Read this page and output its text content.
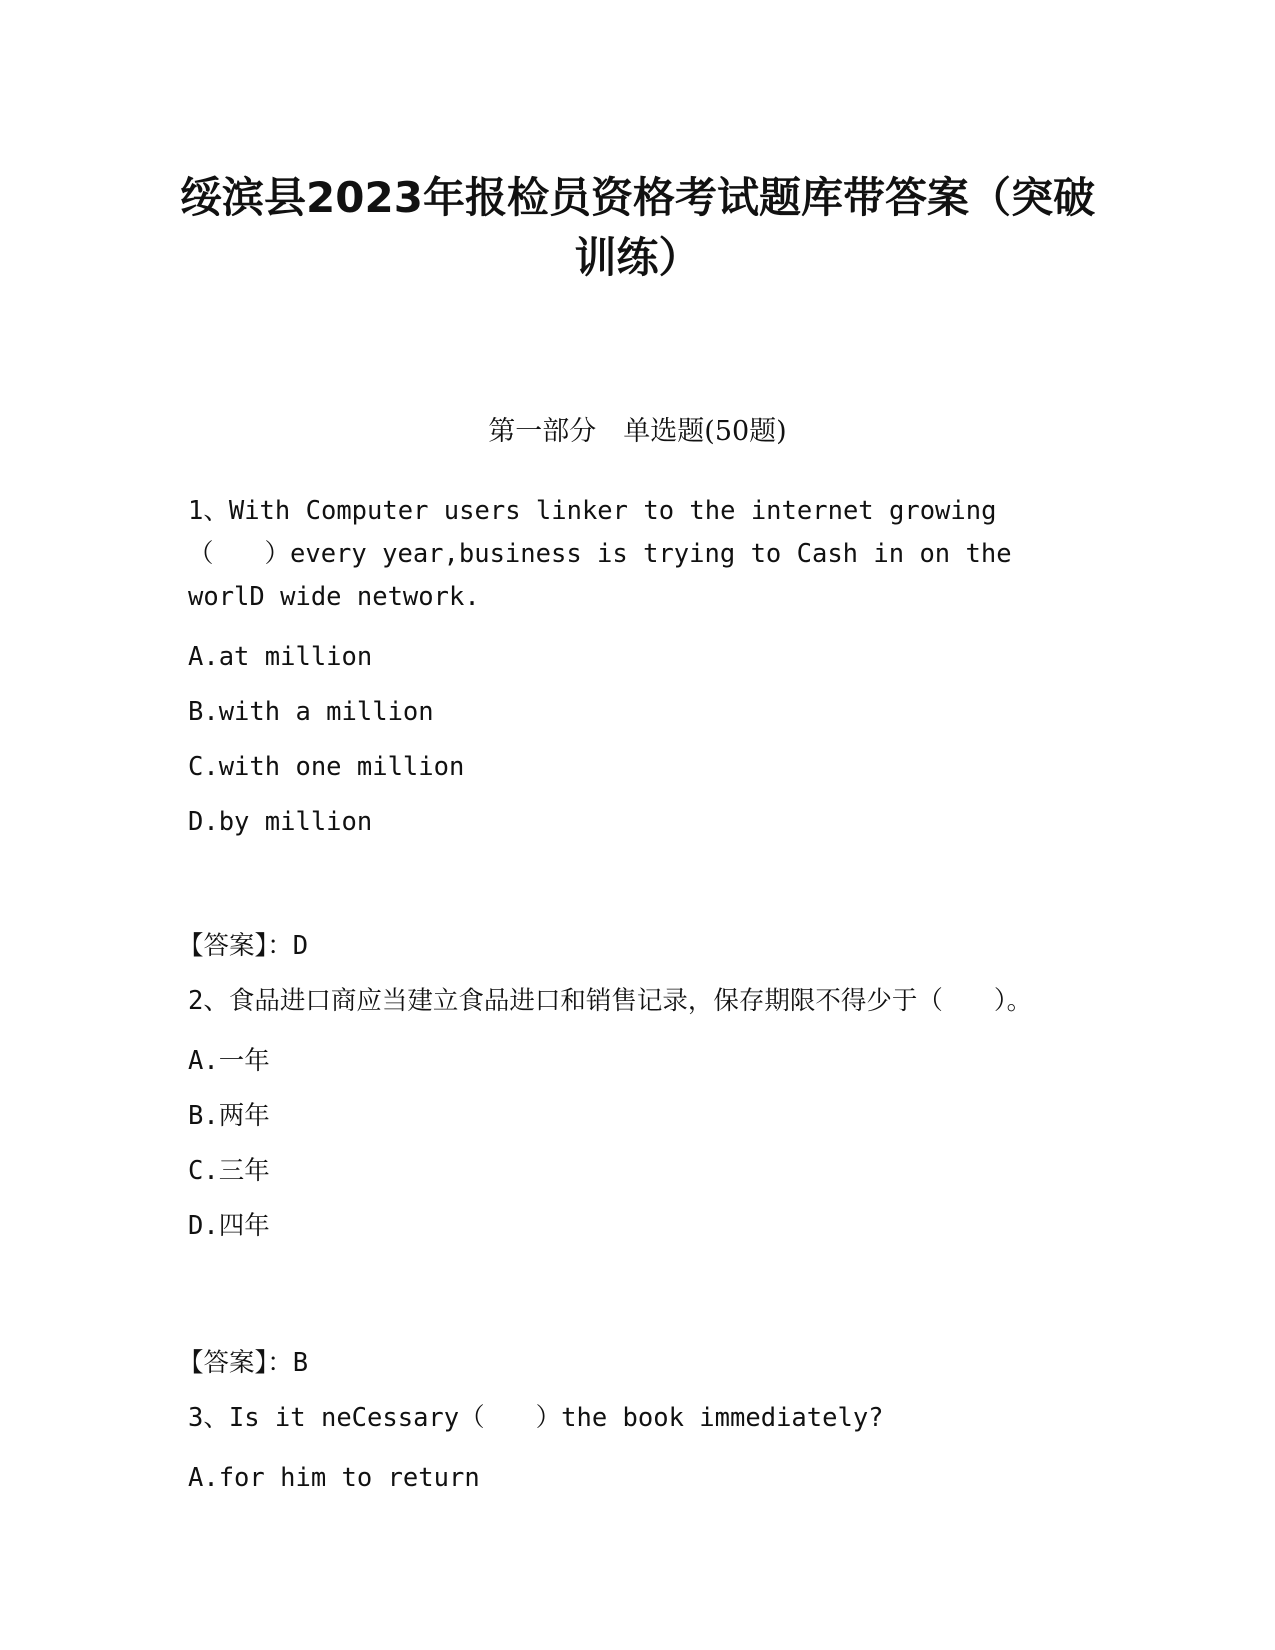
绥滨县2023年报检员资格考试题库带答案（突破训练）
第一部分　单选题(50题)

1、With Computer users linker to the internet growing（　　）every year,business is trying to Cash in on the worlD wide network.

A.at million
B.with a million
C.with one million
D.by million
【答案】：D

2、食品进口商应当建立食品进口和销售记录，保存期限不得少于（　　）。

A.一年
B.两年
C.三年
D.四年
【答案】：B

3、Is it neCessary（　　）the book immediately?

A.for him to return
